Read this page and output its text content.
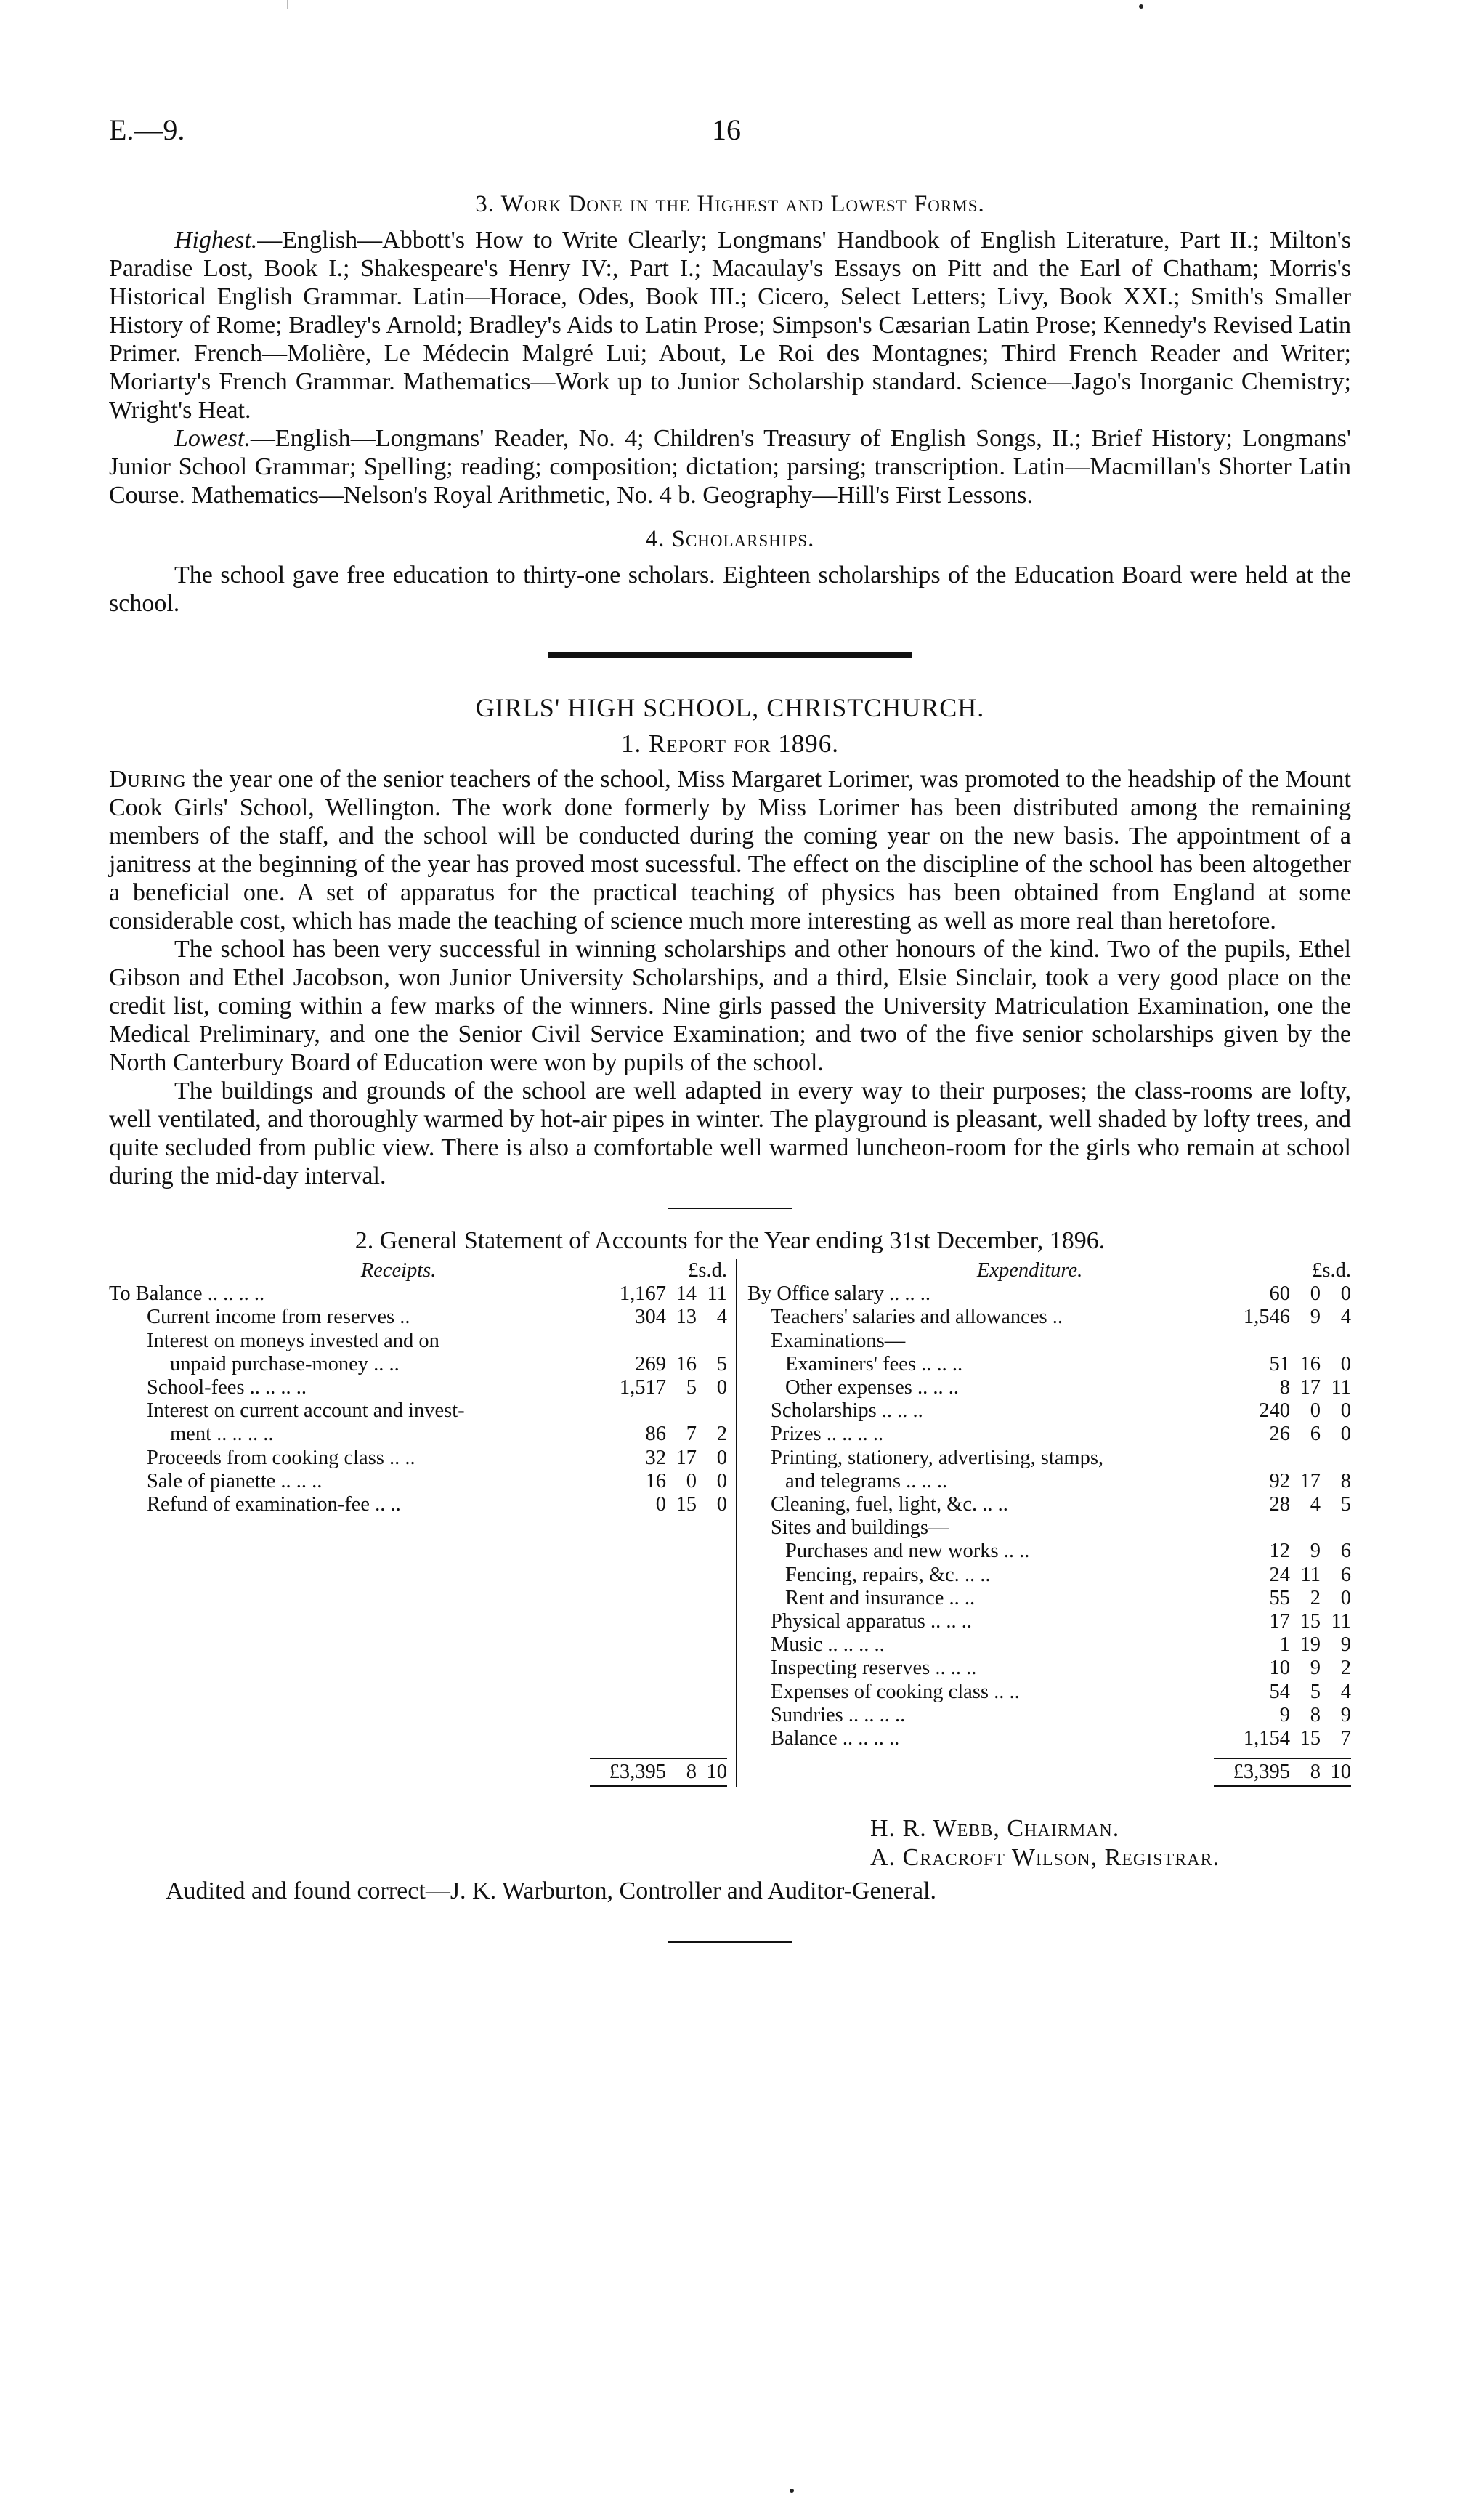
E.—9.	16
3. Work Done in the Highest and Lowest Forms.

Highest.—English—Abbott's How to Write Clearly; Longmans' Handbook of English Literature, Part II.; Milton's Paradise Lost, Book I.; Shakespeare's Henry IV:, Part I.; Macaulay's Essays on Pitt and the Earl of Chatham; Morris's Historical English Grammar. Latin—Horace, Odes, Book III.; Cicero, Select Letters; Livy, Book XXI.; Smith's Smaller History of Rome; Bradley's Arnold; Bradley's Aids to Latin Prose; Simpson's Cæsarian Latin Prose; Kennedy's Revised Latin Primer. French—Molière, Le Médecin Malgré Lui; About, Le Roi des Montagnes; Third French Reader and Writer; Moriarty's French Grammar. Mathematics—Work up to Junior Scholarship standard. Science—Jago's Inorganic Chemistry; Wright's Heat.

Lowest.—English—Longmans' Reader, No. 4; Children's Treasury of English Songs, II.; Brief History; Longmans' Junior School Grammar; Spelling; reading; composition; dictation; parsing; transcription. Latin—Macmillan's Shorter Latin Course. Mathematics—Nelson's Royal Arithmetic, No. 4 b. Geography—Hill's First Lessons.

4. Scholarships.

The school gave free education to thirty-one scholars. Eighteen scholarships of the Education Board were held at the school.

GIRLS' HIGH SCHOOL, CHRISTCHURCH.
1. Report for 1896.

During the year one of the senior teachers of the school, Miss Margaret Lorimer, was promoted to the headship of the Mount Cook Girls' School, Wellington. The work done formerly by Miss Lorimer has been distributed among the remaining members of the staff, and the school will be conducted during the coming year on the new basis. The appointment of a janitress at the beginning of the year has proved most sucessful. The effect on the discipline of the school has been altogether a beneficial one. A set of apparatus for the practical teaching of physics has been obtained from England at some considerable cost, which has made the teaching of science much more interesting as well as more real than heretofore.

The school has been very successful in winning scholarships and other honours of the kind. Two of the pupils, Ethel Gibson and Ethel Jacobson, won Junior University Scholarships, and a third, Elsie Sinclair, took a very good place on the credit list, coming within a few marks of the winners. Nine girls passed the University Matriculation Examination, one the Medical Preliminary, and one the Senior Civil Service Examination; and two of the five senior scholarships given by the North Canterbury Board of Education were won by pupils of the school.

The buildings and grounds of the school are well adapted in every way to their purposes; the class-rooms are lofty, well ventilated, and thoroughly warmed by hot-air pipes in winter. The playground is pleasant, well shaded by lofty trees, and quite secluded from public view. There is also a comfortable well warmed luncheon-room for the girls who remain at school during the mid-day interval.

2. General Statement of Accounts for the Year ending 31st December, 1896.
Receipts.	£s.d.
To Balance .. .. .. ..	1,167 14 11
Current income from reserves ..	304 13 4
Interest on moneys invested and on
unpaid purchase-money .. ..	269 16 5
School-fees .. .. .. ..	1,517 5 0
Interest on current account and invest-
ment .. .. .. ..	86 7 2
Proceeds from cooking class .. ..	32 17 0
Sale of pianette .. .. ..	16 0 0
Refund of examination-fee .. ..	0 15 0
£3,395 8 10
Expenditure.	£s.d.
By Office salary .. .. ..	60 0 0
Teachers' salaries and allowances ..	1,546 9 4
Examinations—
Examiners' fees .. .. ..	51 16 0
Other expenses .. .. ..	8 17 11
Scholarships .. .. ..	240 0 0
Prizes .. .. .. ..	26 6 0
Printing, stationery, advertising, stamps,
and telegrams .. .. ..	92 17 8
Cleaning, fuel, light, &c. .. ..	28 4 5
Sites and buildings—
Purchases and new works .. ..	12 9 6
Fencing, repairs, &c. .. ..	24 11 6
Rent and insurance .. ..	55 2 0
Physical apparatus .. .. ..	17 15 11
Music .. .. .. ..	1 19 9
Inspecting reserves .. .. ..	10 9 2
Expenses of cooking class .. ..	54 5 4
Sundries .. .. .. ..	9 8 9
Balance .. .. .. ..	1,154 15 7
£3,395 8 10
H. R. Webb, Chairman.
A. Cracroft Wilson, Registrar.
Audited and found correct—J. K. Warburton, Controller and Auditor-General.
